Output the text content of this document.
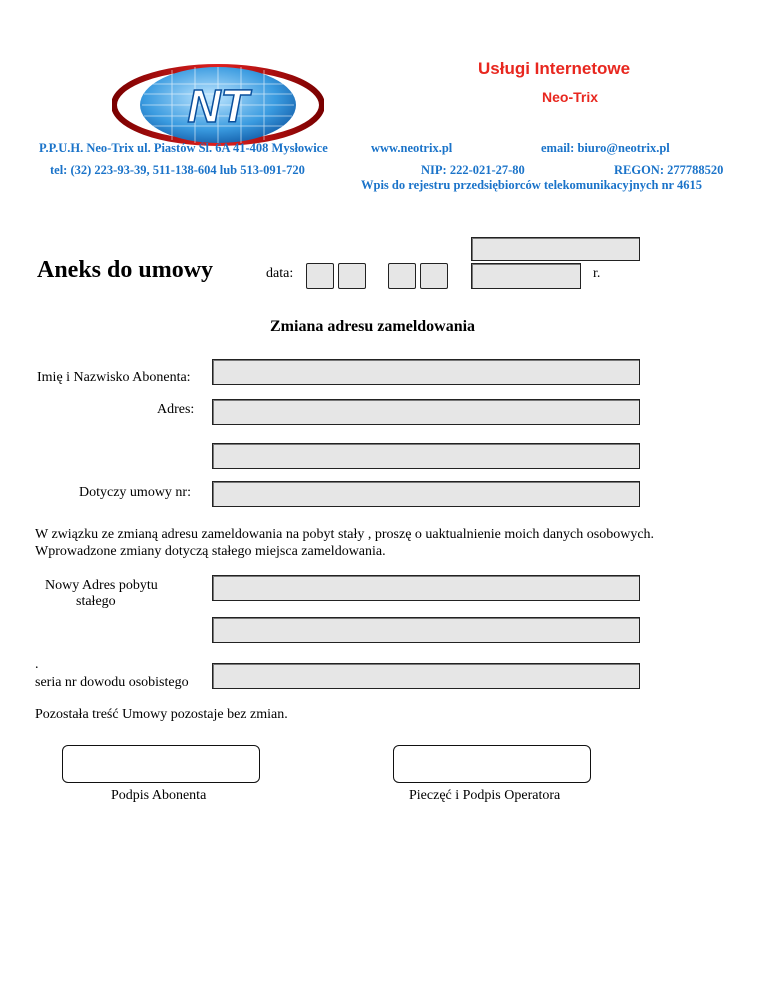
NT
Usługi Internetowe
Neo-Trix
P.P.U.H. Neo-Trix ul. Piastów Śl. 6A 41-408 Mysłowice	www.neotrix.pl	email: biuro@neotrix.pl
tel: (32) 223-93-39, 511-138-604 lub 513-091-720	NIP: 222-021-27-80	REGON: 277788520
Wpis do rejestru przedsiębiorców telekomunikacyjnych nr 4615
Aneks do umowy	data:	r.
Zmiana adresu zameldowania
Imię i Nazwisko Abonenta:
Adres:
Dotyczy umowy nr:
W związku ze zmianą adresu zameldowania na pobyt stały , proszę o uaktualnienie moich danych osobowych.
Wprowadzone zmiany dotyczą stałego miejsca zameldowania.
Nowy Adres pobytu
stałego
.
seria nr dowodu osobistego
Pozostała treść Umowy pozostaje bez zmian.
Podpis Abonenta	Pieczęć i Podpis Operatora
